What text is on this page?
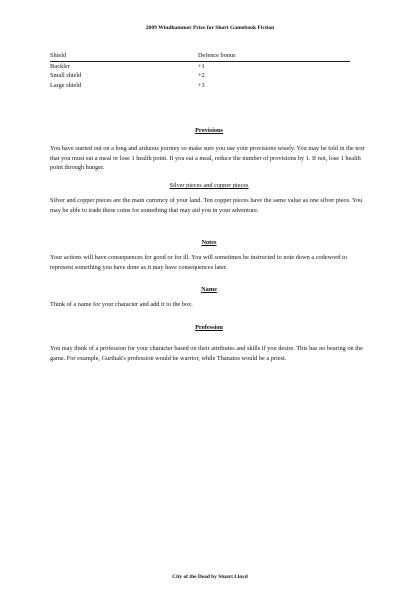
2009 Windhammer Prize for Short Gamebook Fiction
Shield	Defence bonus
Buckler	+1
Small shield	+2
Large shield	+3
Provisions

You have started out on a long and arduous journey so make sure you use your provisions wisely. You may be told in the text that you must eat a meal or lose 1 health point. If you eat a meal, reduce the number of provisions by 1. If not, lose 1 health point through hunger.

Silver pieces and copper pieces

Silver and copper pieces are the main currency of your land. Ten copper pieces have the same value as one silver piece. You may be able to trade these coins for something that may aid you in your adventure.

Notes

Your actions will have consequences for good or for ill. You will sometimes be instructed to note down a codeword to represent something you have done as it may have consequences later.

Name

Think of a name for your character and add it to the box.

Profession

You may think of a profession for your character based on their attributes and skills if you desire. This has no bearing on the game. For example, Gurthak's profession would be warrior, while Thanatos would be a priest.

City of the Dead by Stuart Lloyd
